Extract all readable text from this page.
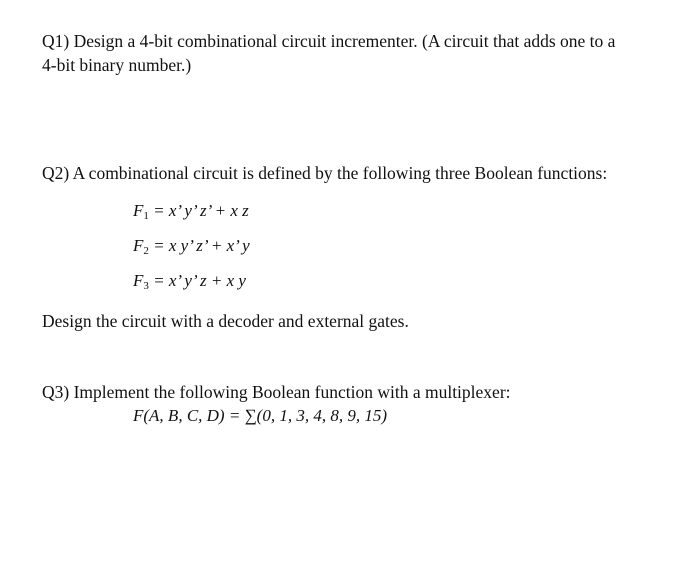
Q1) Design a 4-bit combinational circuit incrementer. (A circuit that adds one to a
4-bit binary number.)
Q2) A combinational circuit is defined by the following three Boolean functions:
$F_1 = x$’ y’ z’ + x z
$F_2 = x$ y’ z’ + x’ y
$F_3 = x$’ y’ z + x y
Design the circuit with a decoder and external gates.
Q3) Implement the following Boolean function with a multiplexer:
F(A, B, C, D) = ∑(0, 1, 3, 4, 8, 9, 15)
